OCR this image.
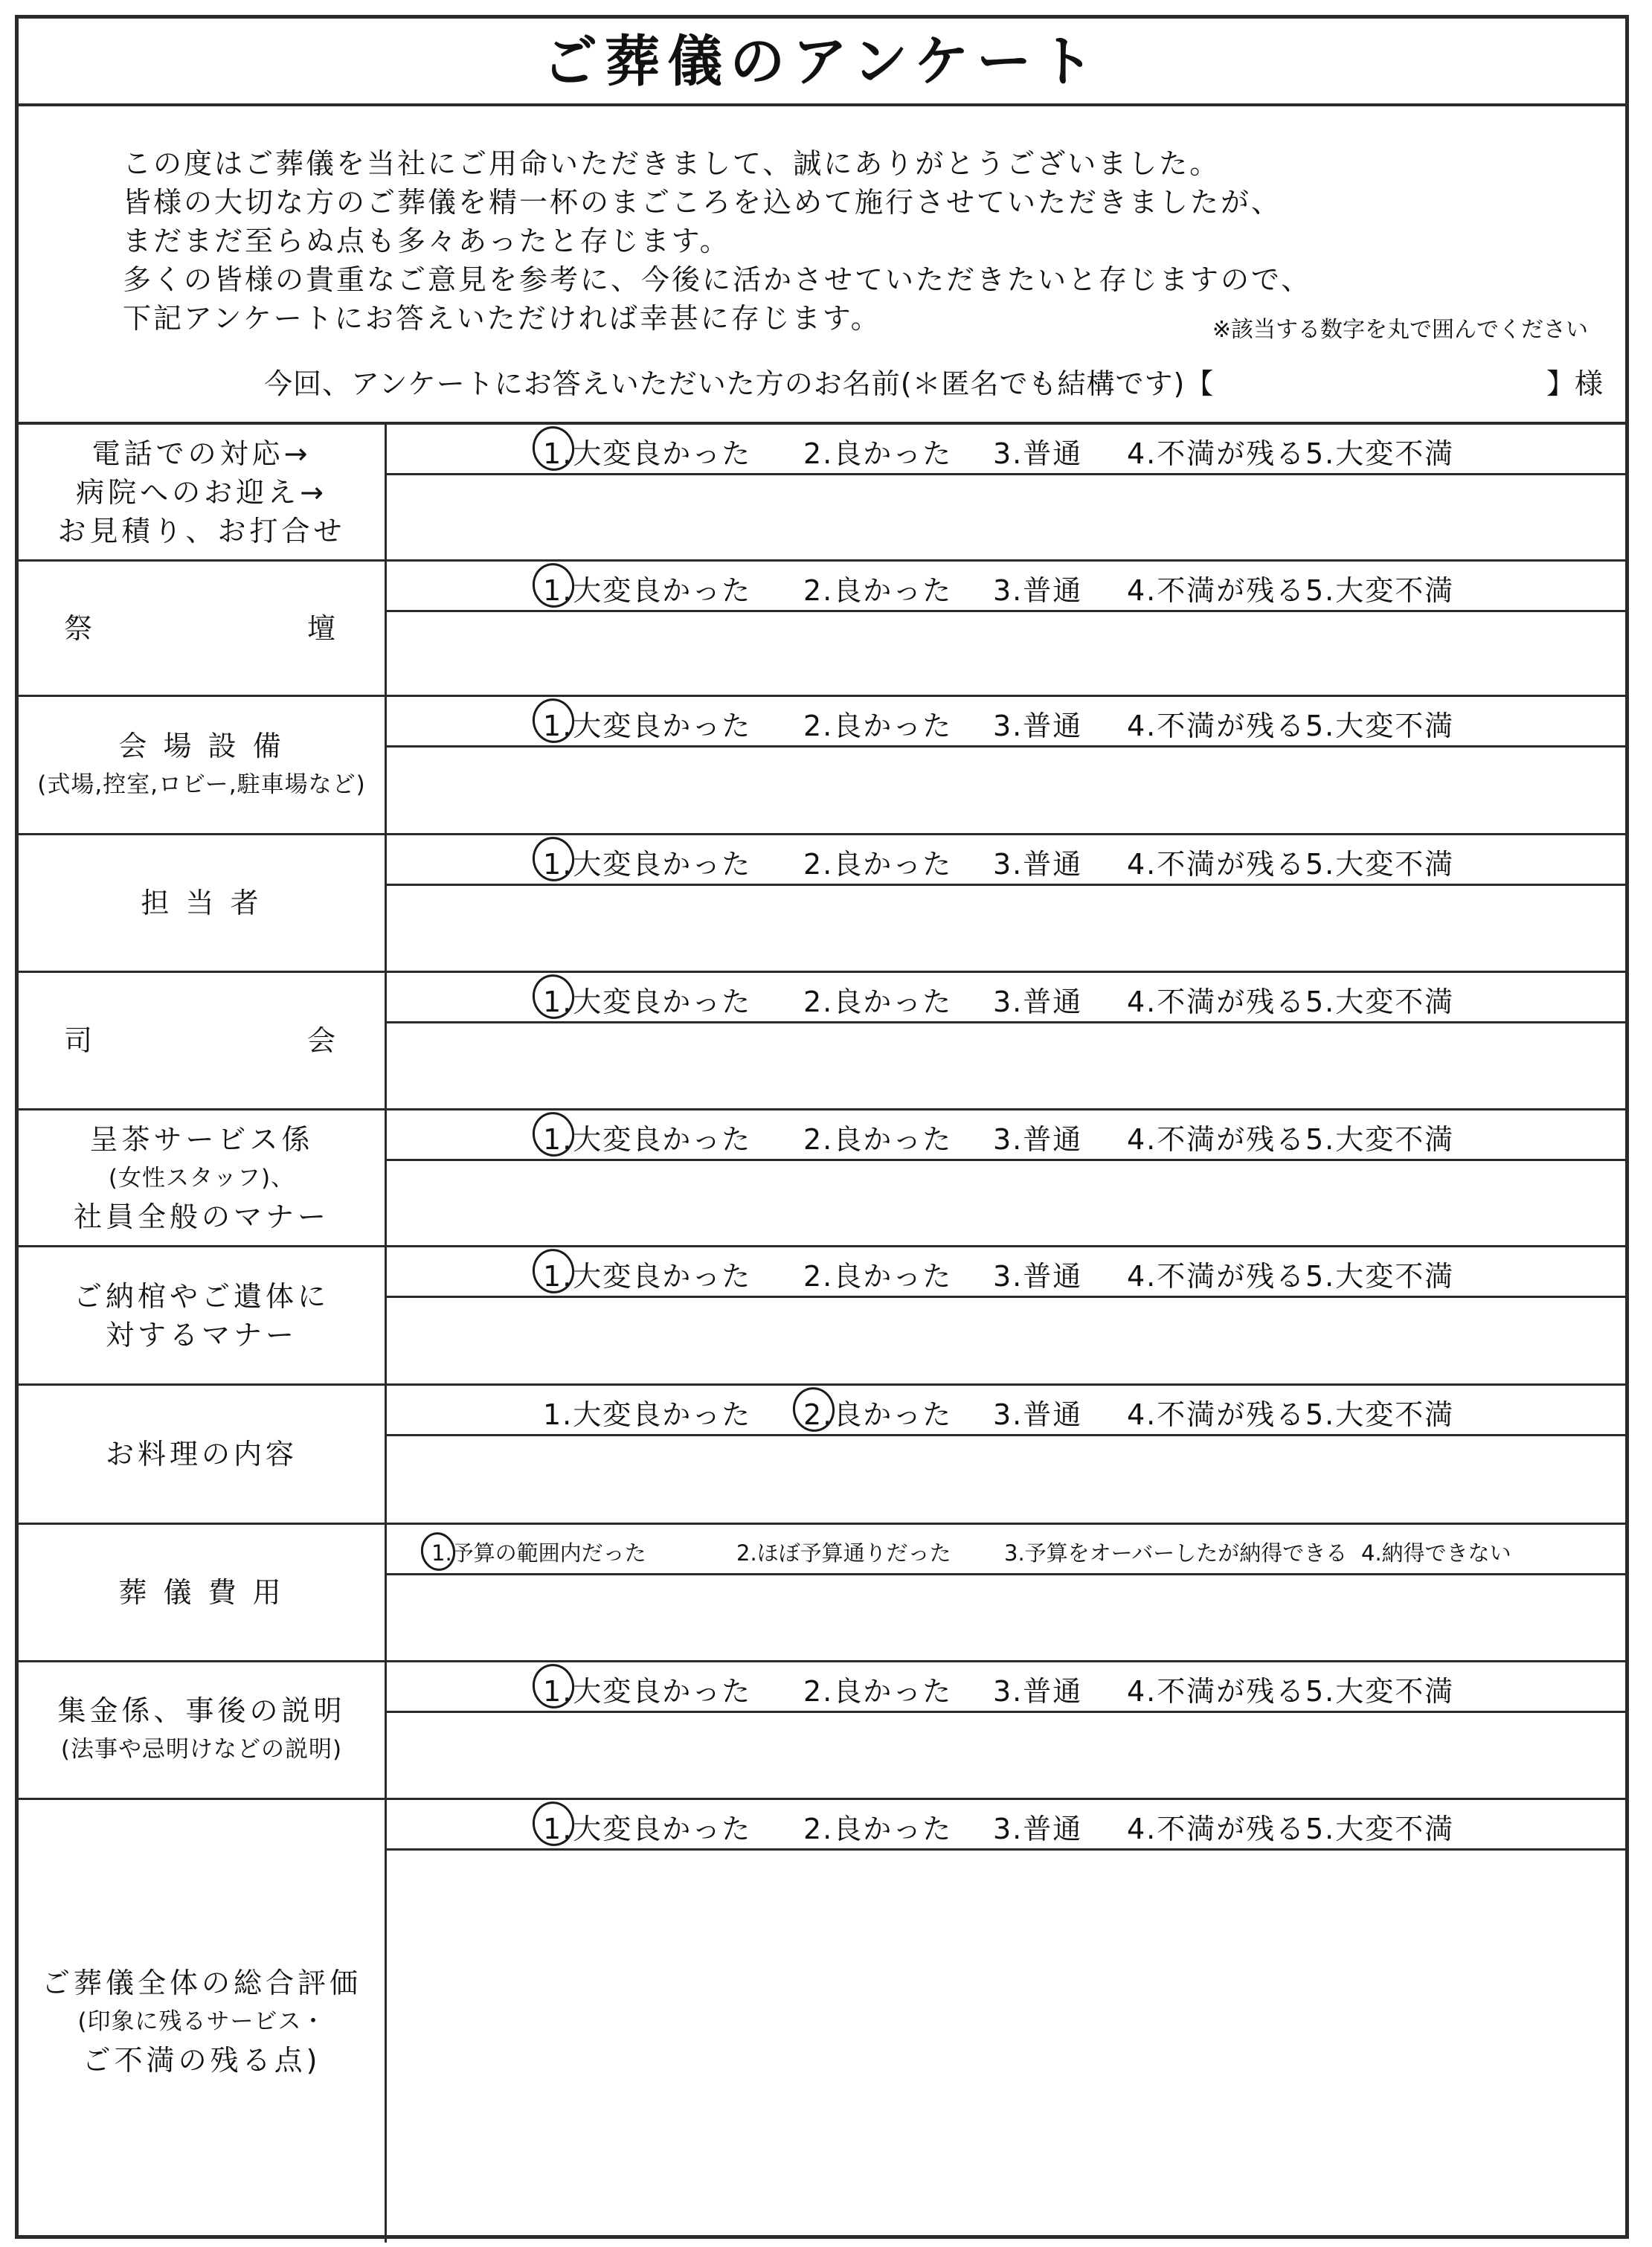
ご葬儀のアンケート
この度はご葬儀を当社にご用命いただきまして、誠にありがとうございました。
皆様の大切な方のご葬儀を精一杯のまごころを込めて施行させていただきましたが、
まだまだ至らぬ点も多々あったと存じます。
多くの皆様の貴重なご意見を参考に、今後に活かさせていただきたいと存じますので、
下記アンケートにお答えいただければ幸甚に存じます。	※該当する数字を丸で囲んでください
今回、アンケートにお答えいただいた方のお名前(＊匿名でも結構です)【	】様
電話での対応→
病院へのお迎え→
お見積り、お打合せ
1.大変良かった 2.良かった 3.普通 4.不満が残る 5.大変不満
祭 壇
1.大変良かった 2.良かった 3.普通 4.不満が残る 5.大変不満
会 場 設 備
(式場,控室,ロビー,駐車場など)
1.大変良かった 2.良かった 3.普通 4.不満が残る 5.大変不満
担 当 者
1.大変良かった 2.良かった 3.普通 4.不満が残る 5.大変不満
司 会
1.大変良かった 2.良かった 3.普通 4.不満が残る 5.大変不満
呈茶サービス係
(女性スタッフ)、
社員全般のマナー
1.大変良かった 2.良かった 3.普通 4.不満が残る 5.大変不満
ご納棺やご遺体に
対するマナー
1.大変良かった 2.良かった 3.普通 4.不満が残る 5.大変不満
お料理の内容
1.大変良かった 2.良かった 3.普通 4.不満が残る 5.大変不満
葬 儀 費 用
1.予算の範囲内だった	2.ほぼ予算通りだった 3.予算をオーバーしたが納得できる 4.納得できない
集金係、事後の説明
(法事や忌明けなどの説明)
1.大変良かった 2.良かった 3.普通 4.不満が残る 5.大変不満
ご葬儀全体の総合評価
(印象に残るサービス・
ご不満の残る点)
1.大変良かった 2.良かった 3.普通 4.不満が残る 5.大変不満
